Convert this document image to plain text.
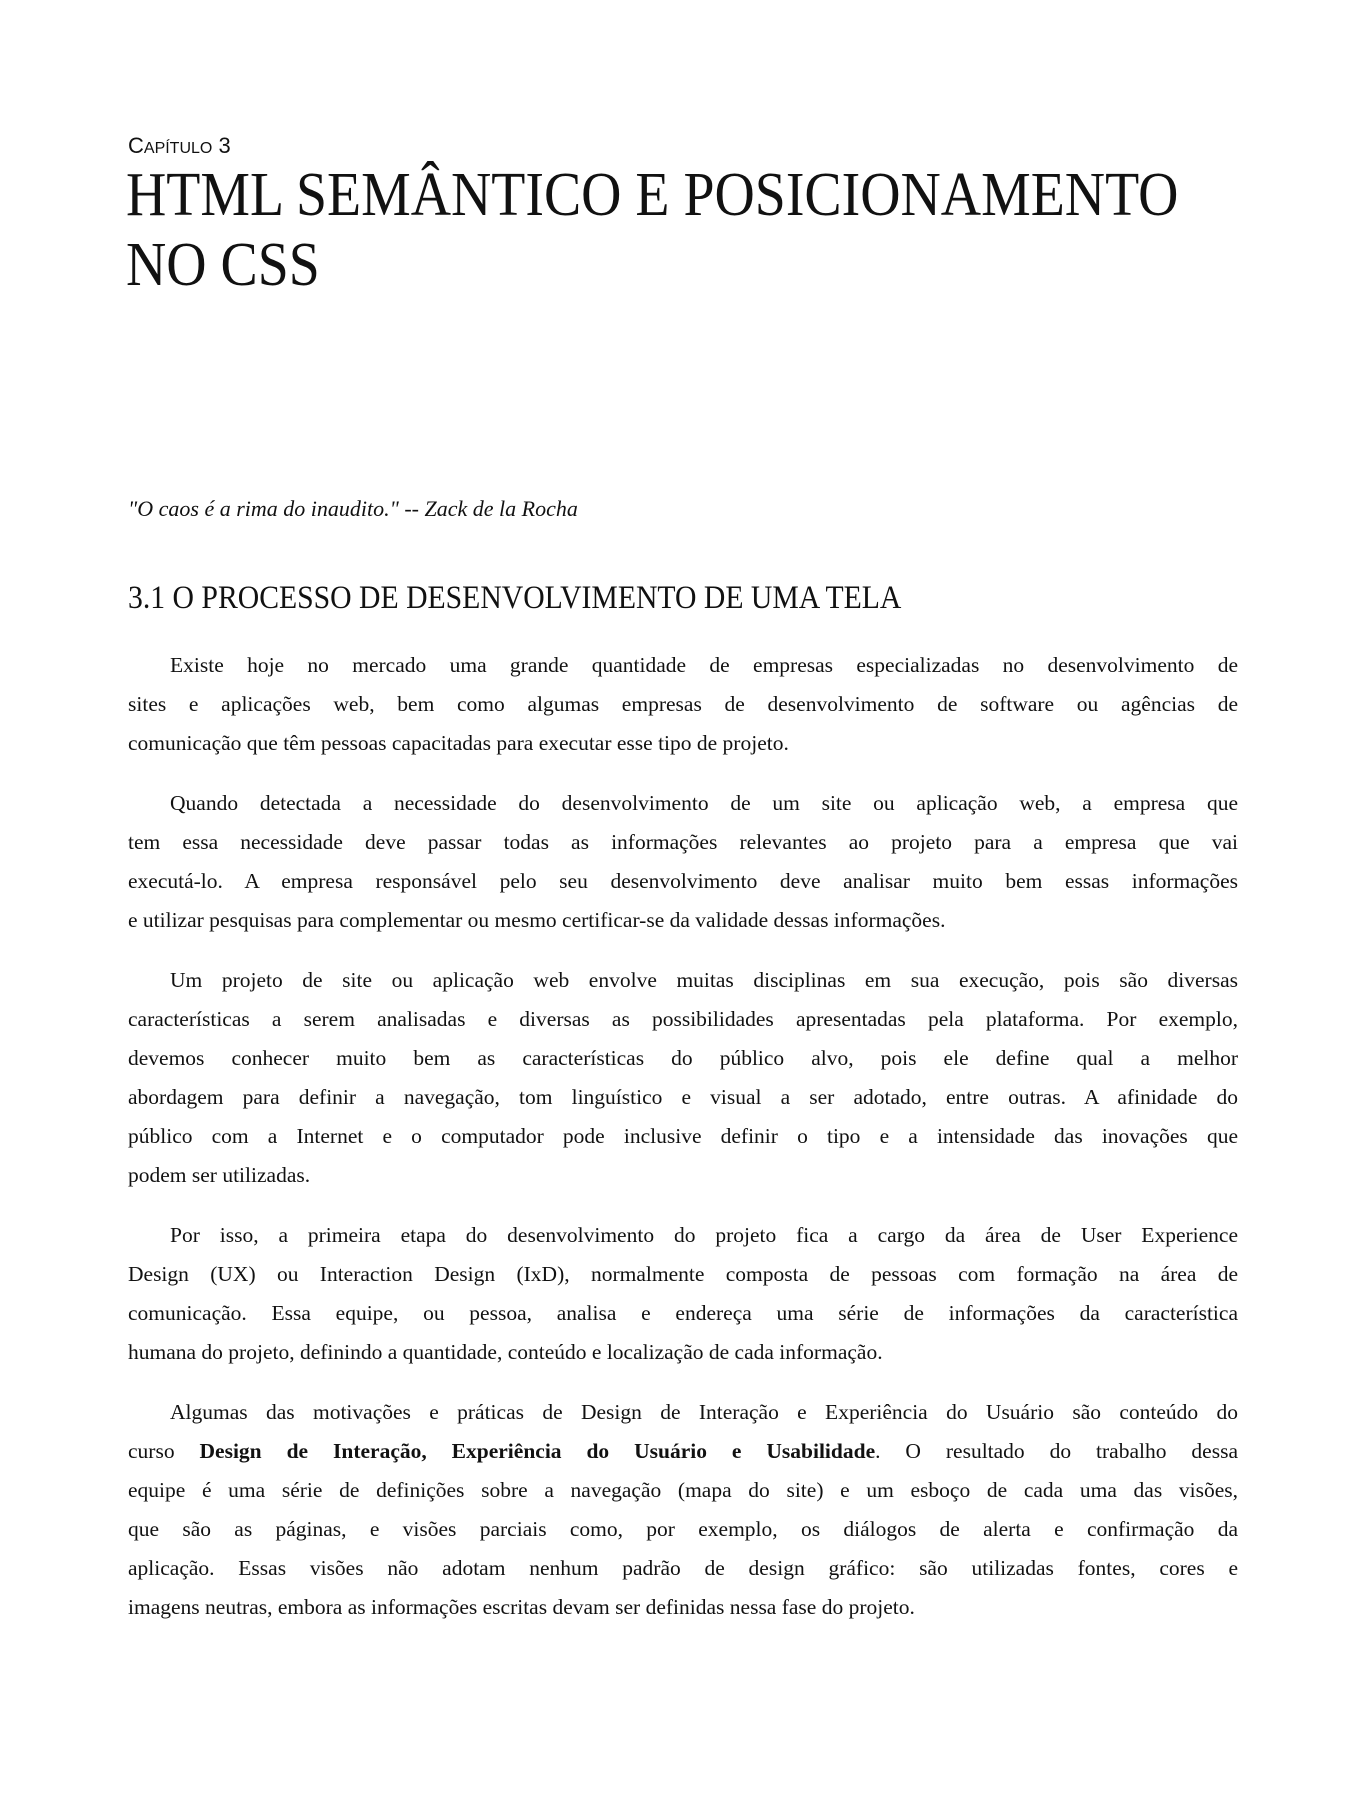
CAPÍTULO 3
HTML SEMÂNTICO E POSICIONAMENTO
NO CSS
"O caos é a rima do inaudito." -- Zack de la Rocha
3.1 O PROCESSO DE DESENVOLVIMENTO DE UMA TELA
Existe hoje no mercado uma grande quantidade de empresas especializadas no desenvolvimento de
sites e aplicações web, bem como algumas empresas de desenvolvimento de software ou agências de
comunicação que têm pessoas capacitadas para executar esse tipo de projeto.
Quando detectada a necessidade do desenvolvimento de um site ou aplicação web, a empresa que
tem essa necessidade deve passar todas as informações relevantes ao projeto para a empresa que vai
executá-lo. A empresa responsável pelo seu desenvolvimento deve analisar muito bem essas informações
e utilizar pesquisas para complementar ou mesmo certificar-se da validade dessas informações.
Um projeto de site ou aplicação web envolve muitas disciplinas em sua execução, pois são diversas
características a serem analisadas e diversas as possibilidades apresentadas pela plataforma. Por exemplo,
devemos conhecer muito bem as características do público alvo, pois ele define qual a melhor
abordagem para definir a navegação, tom linguístico e visual a ser adotado, entre outras. A afinidade do
público com a Internet e o computador pode inclusive definir o tipo e a intensidade das inovações que
podem ser utilizadas.
Por isso, a primeira etapa do desenvolvimento do projeto fica a cargo da área de User Experience
Design (UX) ou Interaction Design (IxD), normalmente composta de pessoas com formação na área de
comunicação. Essa equipe, ou pessoa, analisa e endereça uma série de informações da característica
humana do projeto, definindo a quantidade, conteúdo e localização de cada informação.
Algumas das motivações e práticas de Design de Interação e Experiência do Usuário são conteúdo do
curso Design de Interação, Experiência do Usuário e Usabilidade. O resultado do trabalho dessa
equipe é uma série de definições sobre a navegação (mapa do site) e um esboço de cada uma das visões,
que são as páginas, e visões parciais como, por exemplo, os diálogos de alerta e confirmação da
aplicação. Essas visões não adotam nenhum padrão de design gráfico: são utilizadas fontes, cores e
imagens neutras, embora as informações escritas devam ser definidas nessa fase do projeto.
